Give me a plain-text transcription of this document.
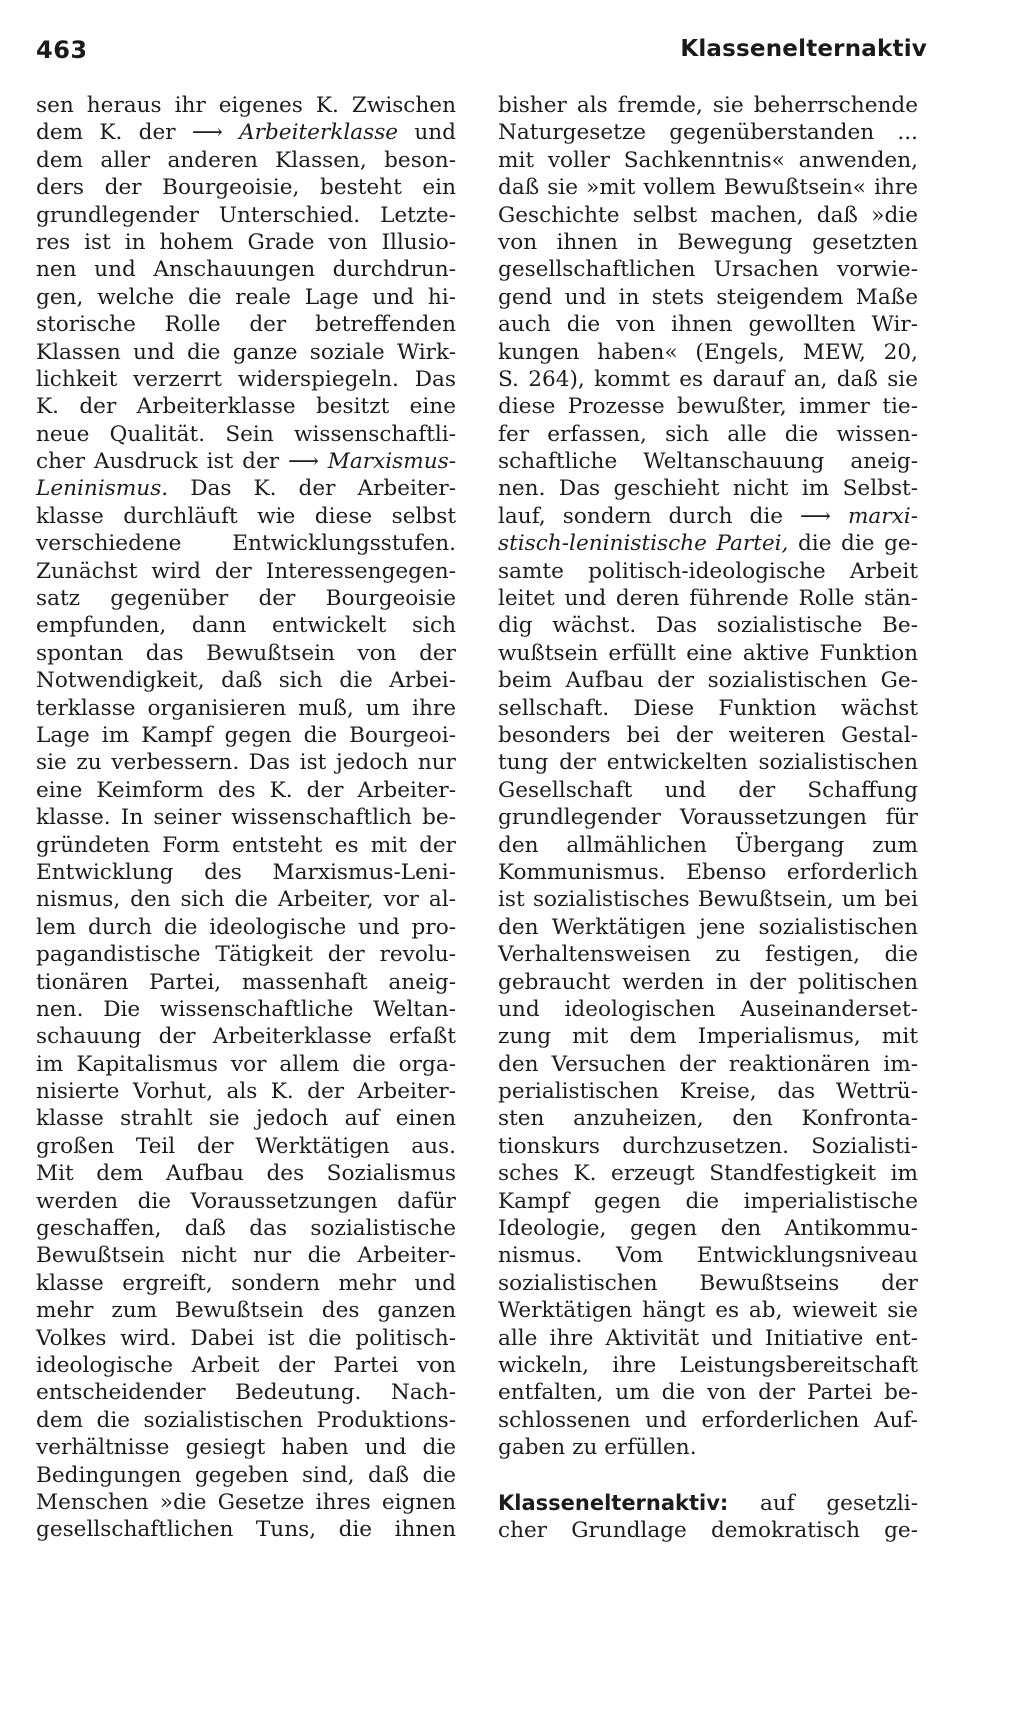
463	Klassenelternaktiv
sen heraus ihr eigenes K. Zwischen
dem K. der ⟶ Arbeiterklasse und
dem aller anderen Klassen, beson-
ders der Bourgeoisie, besteht ein
grundlegender Unterschied. Letzte-
res ist in hohem Grade von Illusio-
nen und Anschauungen durchdrun-
gen, welche die reale Lage und hi-
storische Rolle der betreffenden
Klassen und die ganze soziale Wirk-
lichkeit verzerrt widerspiegeln. Das
K. der Arbeiterklasse besitzt eine
neue Qualität. Sein wissenschaftli-
cher Ausdruck ist der ⟶ Marxismus-
Leninismus. Das K. der Arbeiter-
klasse durchläuft wie diese selbst
verschiedene Entwicklungsstufen.
Zunächst wird der Interessengegen-
satz gegenüber der Bourgeoisie
empfunden, dann entwickelt sich
spontan das Bewußtsein von der
Notwendigkeit, daß sich die Arbei-
terklasse organisieren muß, um ihre
Lage im Kampf gegen die Bourgeoi-
sie zu verbessern. Das ist jedoch nur
eine Keimform des K. der Arbeiter-
klasse. In seiner wissenschaftlich be-
gründeten Form entsteht es mit der
Entwicklung des Marxismus-Leni-
nismus, den sich die Arbeiter, vor al-
lem durch die ideologische und pro-
pagandistische Tätigkeit der revolu-
tionären Partei, massenhaft aneig-
nen. Die wissenschaftliche Weltan-
schauung der Arbeiterklasse erfaßt
im Kapitalismus vor allem die orga-
nisierte Vorhut, als K. der Arbeiter-
klasse strahlt sie jedoch auf einen
großen Teil der Werktätigen aus.
Mit dem Aufbau des Sozialismus
werden die Voraussetzungen dafür
geschaffen, daß das sozialistische
Bewußtsein nicht nur die Arbeiter-
klasse ergreift, sondern mehr und
mehr zum Bewußtsein des ganzen
Volkes wird. Dabei ist die politisch-
ideologische Arbeit der Partei von
entscheidender Bedeutung. Nach-
dem die sozialistischen Produktions-
verhältnisse gesiegt haben und die
Bedingungen gegeben sind, daß die
Menschen »die Gesetze ihres eignen
gesellschaftlichen Tuns, die ihnen
bisher als fremde, sie beherrschende
Naturgesetze gegenüberstanden ...
mit voller Sachkenntnis« anwenden,
daß sie »mit vollem Bewußtsein« ihre
Geschichte selbst machen, daß »die
von ihnen in Bewegung gesetzten
gesellschaftlichen Ursachen vorwie-
gend und in stets steigendem Maße
auch die von ihnen gewollten Wir-
kungen haben« (Engels, MEW, 20,
S. 264), kommt es darauf an, daß sie
diese Prozesse bewußter, immer tie-
fer erfassen, sich alle die wissen-
schaftliche Weltanschauung aneig-
nen. Das geschieht nicht im Selbst-
lauf, sondern durch die ⟶ marxi-
stisch-leninistische Partei, die die ge-
samte politisch-ideologische Arbeit
leitet und deren führende Rolle stän-
dig wächst. Das sozialistische Be-
wußtsein erfüllt eine aktive Funktion
beim Aufbau der sozialistischen Ge-
sellschaft. Diese Funktion wächst
besonders bei der weiteren Gestal-
tung der entwickelten sozialistischen
Gesellschaft und der Schaffung
grundlegender Voraussetzungen für
den allmählichen Übergang zum
Kommunismus. Ebenso erforderlich
ist sozialistisches Bewußtsein, um bei
den Werktätigen jene sozialistischen
Verhaltensweisen zu festigen, die
gebraucht werden in der politischen
und ideologischen Auseinanderset-
zung mit dem Imperialismus, mit
den Versuchen der reaktionären im-
perialistischen Kreise, das Wettrü-
sten anzuheizen, den Konfronta-
tionskurs durchzusetzen. Sozialisti-
sches K. erzeugt Standfestigkeit im
Kampf gegen die imperialistische
Ideologie, gegen den Antikommu-
nismus. Vom Entwicklungsniveau
sozialistischen Bewußtseins der
Werktätigen hängt es ab, wieweit sie
alle ihre Aktivität und Initiative ent-
wickeln, ihre Leistungsbereitschaft
entfalten, um die von der Partei be-
schlossenen und erforderlichen Auf-
gaben zu erfüllen.
Klassenelternaktiv: auf gesetzli-
cher Grundlage demokratisch ge-
